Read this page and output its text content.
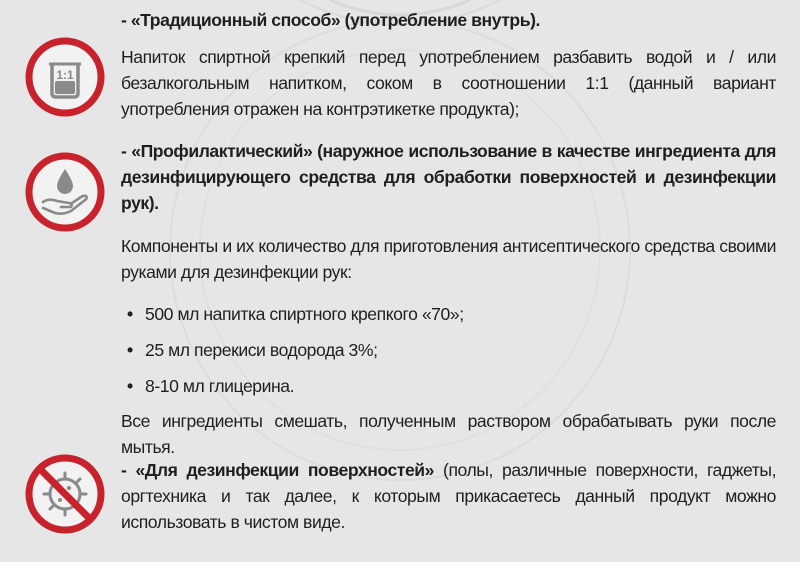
1:1

- «Традиционный способ» (употребление внутрь).

Напиток спиртной крепкий перед употреблением разбавить водой и / или безалкогольным напитком, соком в соотношении 1:1 (данный вариант употребления отражен на контрэтикетке продукта);

- «Профилактический» (наружное использование в качестве ингредиента для дезинфицирующего средства для обработки поверхностей и дезинфекции рук).

Компоненты и их количество для приготовления антисептического средства своими руками для дезинфекции рук:

• 500 мл напитка спиртного крепкого «70»;
• 25 мл перекиси водорода 3%;
• 8-10 мл глицерина.

Все ингредиенты смешать, полученным раствором обрабатывать руки после мытья.

- «Для дезинфекции поверхностей» (полы, различные поверхности, гаджеты, оргтехника и так далее, к которым прикасаетесь данный продукт можно использовать в чистом виде.
